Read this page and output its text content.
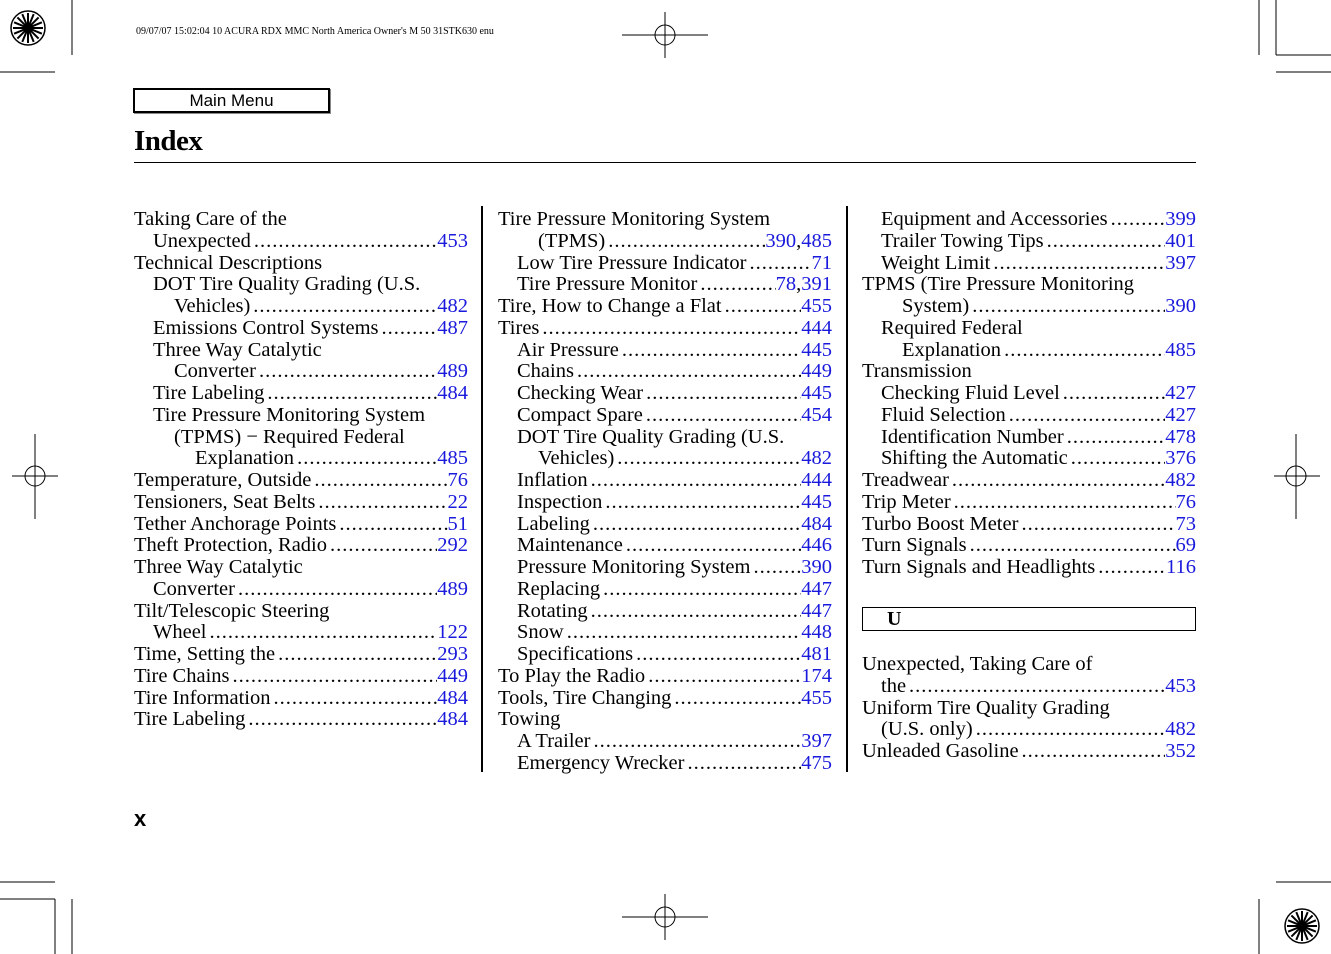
09/07/07 15:02:04 10 ACURA RDX MMC North America Owner's M 50 31STK630 enu
Main Menu
Index
Taking Care of the
Unexpected .....	453
Technical Descriptions
DOT Tire Quality Grading (U.S.
Vehicles) .....	482
Emissions Control Systems .....	487
Three Way Catalytic
Converter .....	489
Tire Labeling .....	484
Tire Pressure Monitoring System
(TPMS) − Required Federal
Explanation .....	485
Temperature, Outside .....	76
Tensioners, Seat Belts .....	22
Tether Anchorage Points .....	51
Theft Protection, Radio .....	292
Three Way Catalytic
Converter .....	489
Tilt/Telescopic Steering
Wheel .....	122
Time, Setting the .....	293
Tire Chains .....	449
Tire Information .....	484
Tire Labeling .....	484
Tire Pressure Monitoring System
(TPMS) .....	390 , 485
Low Tire Pressure Indicator .....	71
Tire Pressure Monitor .....	78 , 391
Tire, How to Change a Flat .....	455
Tires .....	444
Air Pressure .....	445
Chains .....	449
Checking Wear .....	445
Compact Spare .....	454
DOT Tire Quality Grading (U.S.
Vehicles) .....	482
Inflation .....	444
Inspection .....	445
Labeling .....	484
Maintenance .....	446
Pressure Monitoring System ..... 390
Replacing .....	447
Rotating .....	447
Snow .....	448
Specifications .....	481
To Play the Radio .....	174
Tools, Tire Changing .....	455
Towing
A Trailer .....	397
Emergency Wrecker .....	475
Equipment and Accessories .....	399
Trailer Towing Tips .....	401
Weight Limit .....	397
TPMS (Tire Pressure Monitoring
System) .....	390
Required Federal
Explanation .....	485
Transmission
Checking Fluid Level .....	427
Fluid Selection .....	427
Identification Number .....	478
Shifting the Automatic .....	376
Treadwear .....	482
Trip Meter .....	76
Turbo Boost Meter .....	73
Turn Signals .....	69
Turn Signals and Headlights .....	116
U
Unexpected, Taking Care of
the .....	453
Uniform Tire Quality Grading
(U.S. only) .....	482
Unleaded Gasoline .....	352
x
